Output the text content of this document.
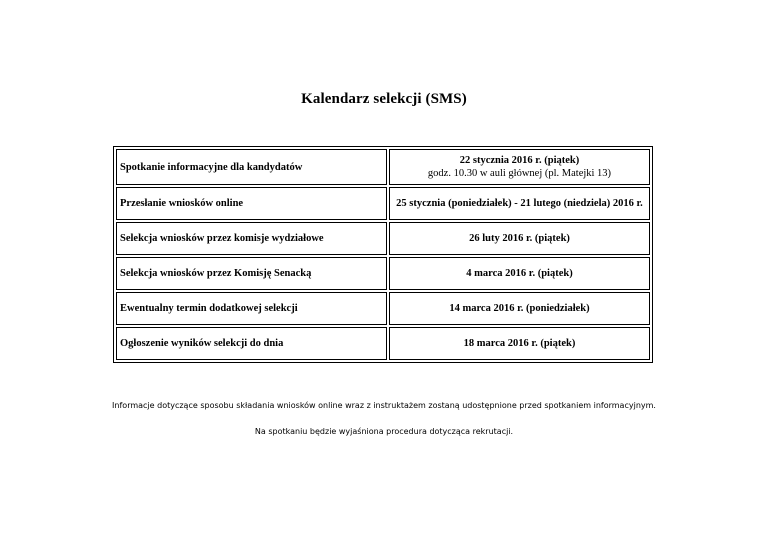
Kalendarz selekcji (SMS)
Spotkanie informacyjne dla kandydatów	22 stycznia 2016 r. (piątek)
godz. 10.30 w auli głównej (pl. Matejki 13)

Przesłanie wniosków online	25 stycznia (poniedziałek) - 21 lutego (niedziela) 2016 r.
Selekcja wniosków przez komisje wydziałowe	26 luty 2016 r. (piątek)
Selekcja wniosków przez Komisję Senacką	4 marca 2016 r. (piątek)
Ewentualny termin dodatkowej selekcji	14 marca 2016 r. (poniedziałek)
Ogłoszenie wyników selekcji do dnia	18 marca 2016 r. (piątek)
Informacje dotyczące sposobu składania wniosków online wraz z instruktażem zostaną udostępnione przed spotkaniem informacyjnym.
Na spotkaniu będzie wyjaśniona procedura dotycząca rekrutacji.
